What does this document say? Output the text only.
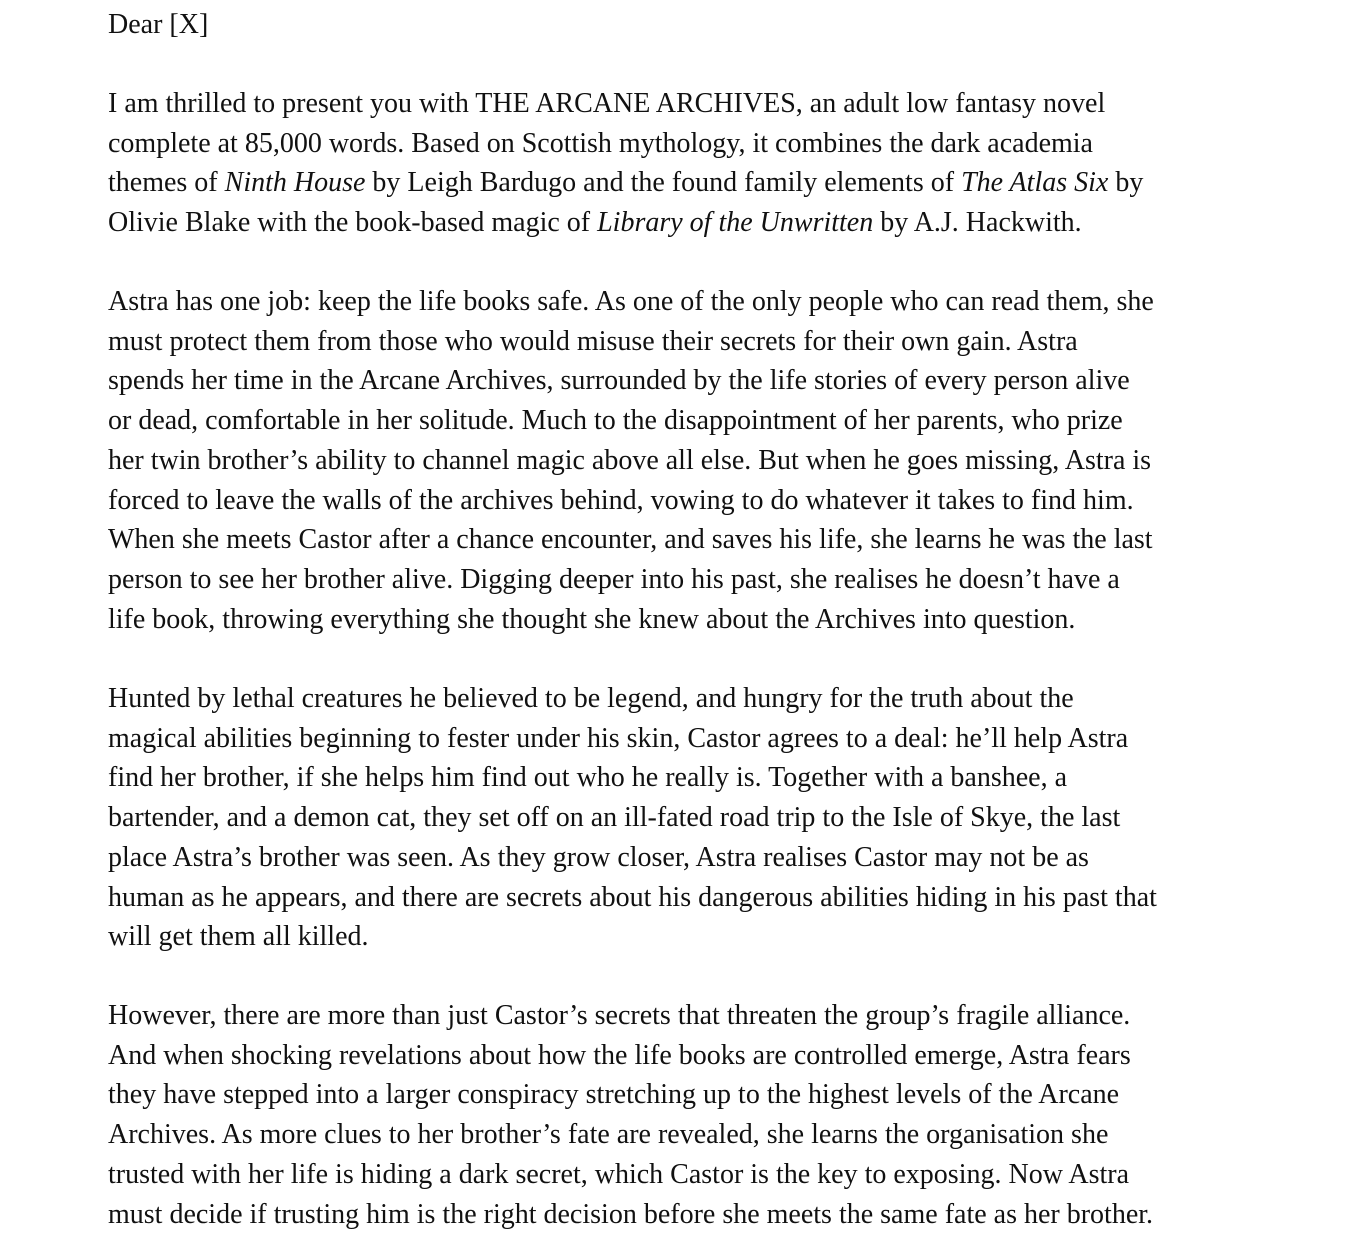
Dear [X]

I am thrilled to present you with THE ARCANE ARCHIVES, an adult low fantasy novel
complete at 85,000 words. Based on Scottish mythology, it combines the dark academia
themes of Ninth House by Leigh Bardugo and the found family elements of The Atlas Six by
Olivie Blake with the book-based magic of Library of the Unwritten by A.J. Hackwith.

Astra has one job: keep the life books safe. As one of the only people who can read them, she
must protect them from those who would misuse their secrets for their own gain. Astra
spends her time in the Arcane Archives, surrounded by the life stories of every person alive
or dead, comfortable in her solitude. Much to the disappointment of her parents, who prize
her twin brother’s ability to channel magic above all else. But when he goes missing, Astra is
forced to leave the walls of the archives behind, vowing to do whatever it takes to find him.
When she meets Castor after a chance encounter, and saves his life, she learns he was the last
person to see her brother alive. Digging deeper into his past, she realises he doesn’t have a
life book, throwing everything she thought she knew about the Archives into question.

Hunted by lethal creatures he believed to be legend, and hungry for the truth about the
magical abilities beginning to fester under his skin, Castor agrees to a deal: he’ll help Astra
find her brother, if she helps him find out who he really is. Together with a banshee, a
bartender, and a demon cat, they set off on an ill-fated road trip to the Isle of Skye, the last
place Astra’s brother was seen. As they grow closer, Astra realises Castor may not be as
human as he appears, and there are secrets about his dangerous abilities hiding in his past that
will get them all killed.

However, there are more than just Castor’s secrets that threaten the group’s fragile alliance.
And when shocking revelations about how the life books are controlled emerge, Astra fears
they have stepped into a larger conspiracy stretching up to the highest levels of the Arcane
Archives. As more clues to her brother’s fate are revealed, she learns the organisation she
trusted with her life is hiding a dark secret, which Castor is the key to exposing. Now Astra
must decide if trusting him is the right decision before she meets the same fate as her brother.
